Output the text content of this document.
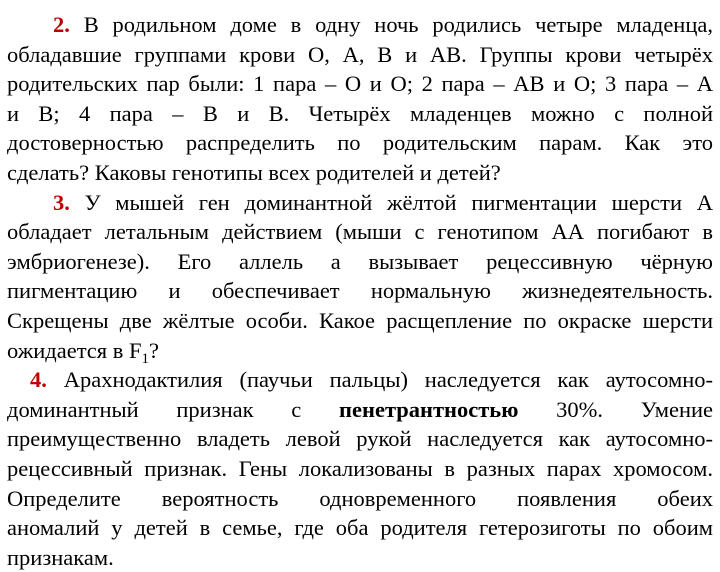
2. В родильном доме в одну ночь родились четыре младенца,
обладавшие группами крови О, А, В и АВ. Группы крови четырёх
родительских пар были: 1 пара – О и О; 2 пара – АВ и О; 3 пара – А
и В; 4 пара – В и В. Четырёх младенцев можно с полной
достоверностью распределить по родительским парам. Как это
сделать? Каковы генотипы всех родителей и детей?
3. У мышей ген доминантной жёлтой пигментации шерсти А
обладает летальным действием (мыши с генотипом АА погибают в
эмбриогенезе). Его аллель а вызывает рецессивную чёрную
пигментацию и обеспечивает нормальную жизнедеятельность.
Скрещены две жёлтые особи. Какое расщепление по окраске шерсти
ожидается в $F_1$?
4. Арахнодактилия (паучьи пальцы) наследуется как аутосомно-
доминантный признак с пенетрантностью 30%. Умение
преимущественно владеть левой рукой наследуется как аутосомно-
рецессивный признак. Гены локализованы в разных парах хромосом.
Определите вероятность одновременного появления обеих
аномалий у детей в семье, где оба родителя гетерозиготы по обоим
признакам.
